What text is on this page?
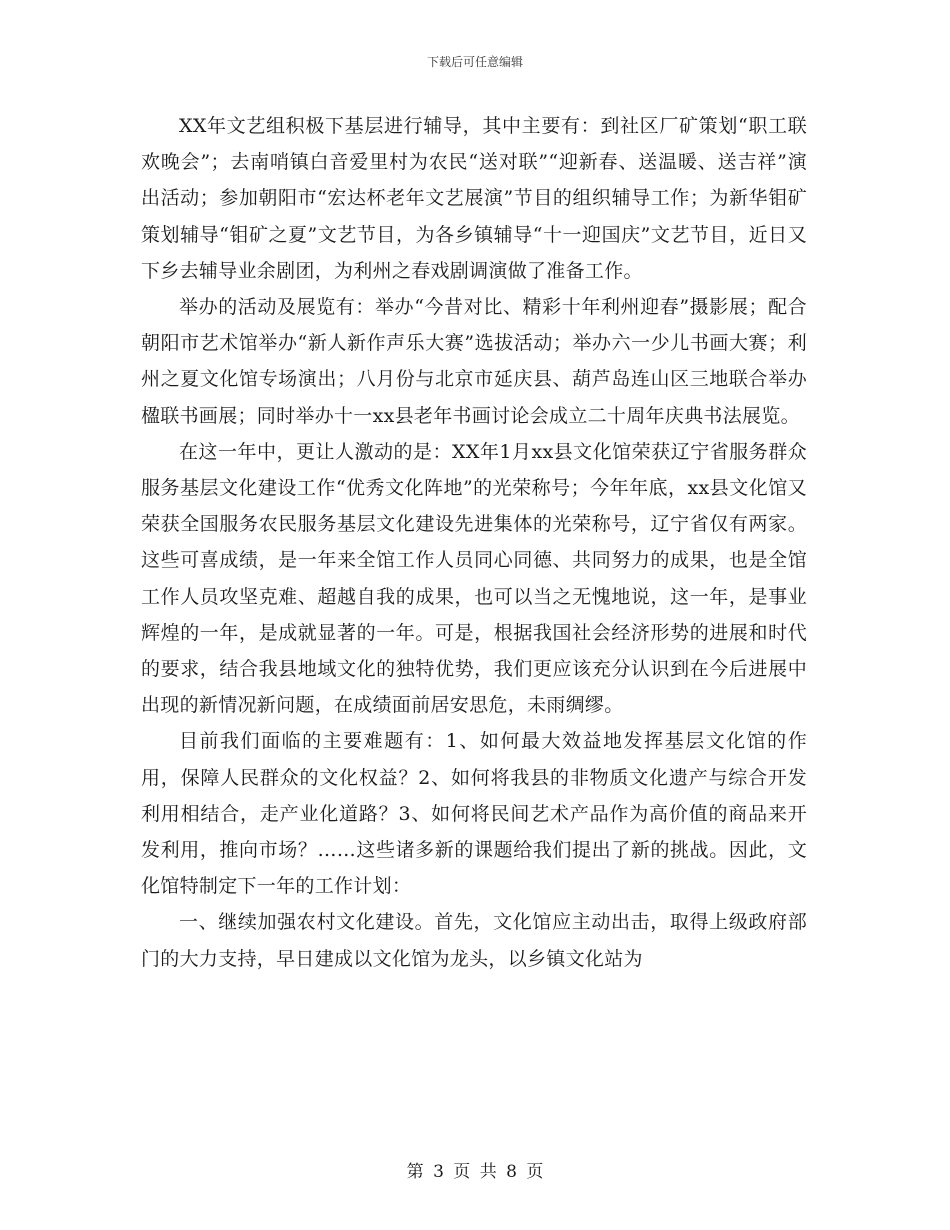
下载后可任意编辑

XX年文艺组积极下基层进行辅导，其中主要有：到社区厂矿策划“职工联欢晚会”；去南哨镇白音爱里村为农民“送对联”“迎新春、送温暖、送吉祥”演出活动；参加朝阳市“宏达杯老年文艺展演”节目的组织辅导工作；为新华钼矿策划辅导“钼矿之夏”文艺节目，为各乡镇辅导“十一迎国庆”文艺节目，近日又下乡去辅导业余剧团，为利州之春戏剧调演做了准备工作。

举办的活动及展览有：举办“今昔对比、精彩十年利州迎春”摄影展；配合朝阳市艺术馆举办“新人新作声乐大赛”选拔活动；举办六一少儿书画大赛；利州之夏文化馆专场演出；八月份与北京市延庆县、葫芦岛连山区三地联合举办楹联书画展；同时举办十一xx县老年书画讨论会成立二十周年庆典书法展览。

在这一年中，更让人激动的是：XX年1月xx县文化馆荣获辽宁省服务群众服务基层文化建设工作“优秀文化阵地”的光荣称号；今年年底，xx县文化馆又荣获全国服务农民服务基层文化建设先进集体的光荣称号，辽宁省仅有两家。这些可喜成绩，是一年来全馆工作人员同心同德、共同努力的成果，也是全馆工作人员攻坚克难、超越自我的成果，也可以当之无愧地说，这一年，是事业辉煌的一年，是成就显著的一年。可是，根据我国社会经济形势的进展和时代的要求，结合我县地域文化的独特优势，我们更应该充分认识到在今后进展中出现的新情况新问题，在成绩面前居安思危，未雨绸缪。

目前我们面临的主要难题有：1、如何最大效益地发挥基层文化馆的作用，保障人民群众的文化权益？2、如何将我县的非物质文化遗产与综合开发利用相结合，走产业化道路？3、如何将民间艺术产品作为高价值的商品来开发利用，推向市场？……这些诸多新的课题给我们提出了新的挑战。因此，文化馆特制定下一年的工作计划：

一、继续加强农村文化建设。首先，文化馆应主动出击，取得上级政府部门的大力支持，早日建成以文化馆为龙头，以乡镇文化站为

第 3 页 共 8 页
